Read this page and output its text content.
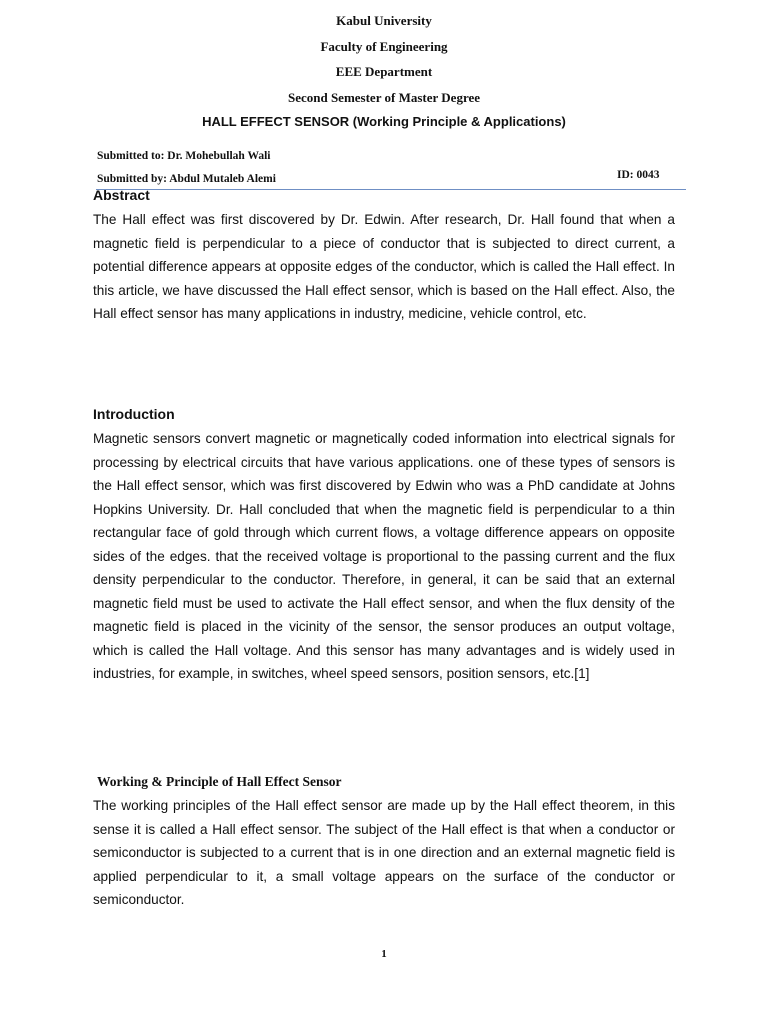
Kabul University
Faculty of Engineering
EEE Department
Second Semester of Master Degree
HALL EFFECT SENSOR (Working Principle & Applications)
Submitted to: Dr. Mohebullah Wali
ID: 0043
Submitted by: Abdul Mutaleb Alemi
Abstract

The Hall effect was first discovered by Dr. Edwin. After research, Dr. Hall found that when a magnetic field is perpendicular to a piece of conductor that is subjected to direct current, a potential difference appears at opposite edges of the conductor, which is called the Hall effect. In this article, we have discussed the Hall effect sensor, which is based on the Hall effect. Also, the Hall effect sensor has many applications in industry, medicine, vehicle control, etc.

Introduction

Magnetic sensors convert magnetic or magnetically coded information into electrical signals for processing by electrical circuits that have various applications. one of these types of sensors is the Hall effect sensor, which was first discovered by Edwin who was a PhD candidate at Johns Hopkins University. Dr. Hall concluded that when the magnetic field is perpendicular to a thin rectangular face of gold through which current flows, a voltage difference appears on opposite sides of the edges. that the received voltage is proportional to the passing current and the flux density perpendicular to the conductor. Therefore, in general, it can be said that an external magnetic field must be used to activate the Hall effect sensor, and when the flux density of the magnetic field is placed in the vicinity of the sensor, the sensor produces an output voltage, which is called the Hall voltage. And this sensor has many advantages and is widely used in industries, for example, in switches, wheel speed sensors, position sensors, etc.[1]

Working & Principle of Hall Effect Sensor

The working principles of the Hall effect sensor are made up by the Hall effect theorem, in this sense it is called a Hall effect sensor. The subject of the Hall effect is that when a conductor or semiconductor is subjected to a current that is in one direction and an external magnetic field is applied perpendicular to it, a small voltage appears on the surface of the conductor or semiconductor.

1
